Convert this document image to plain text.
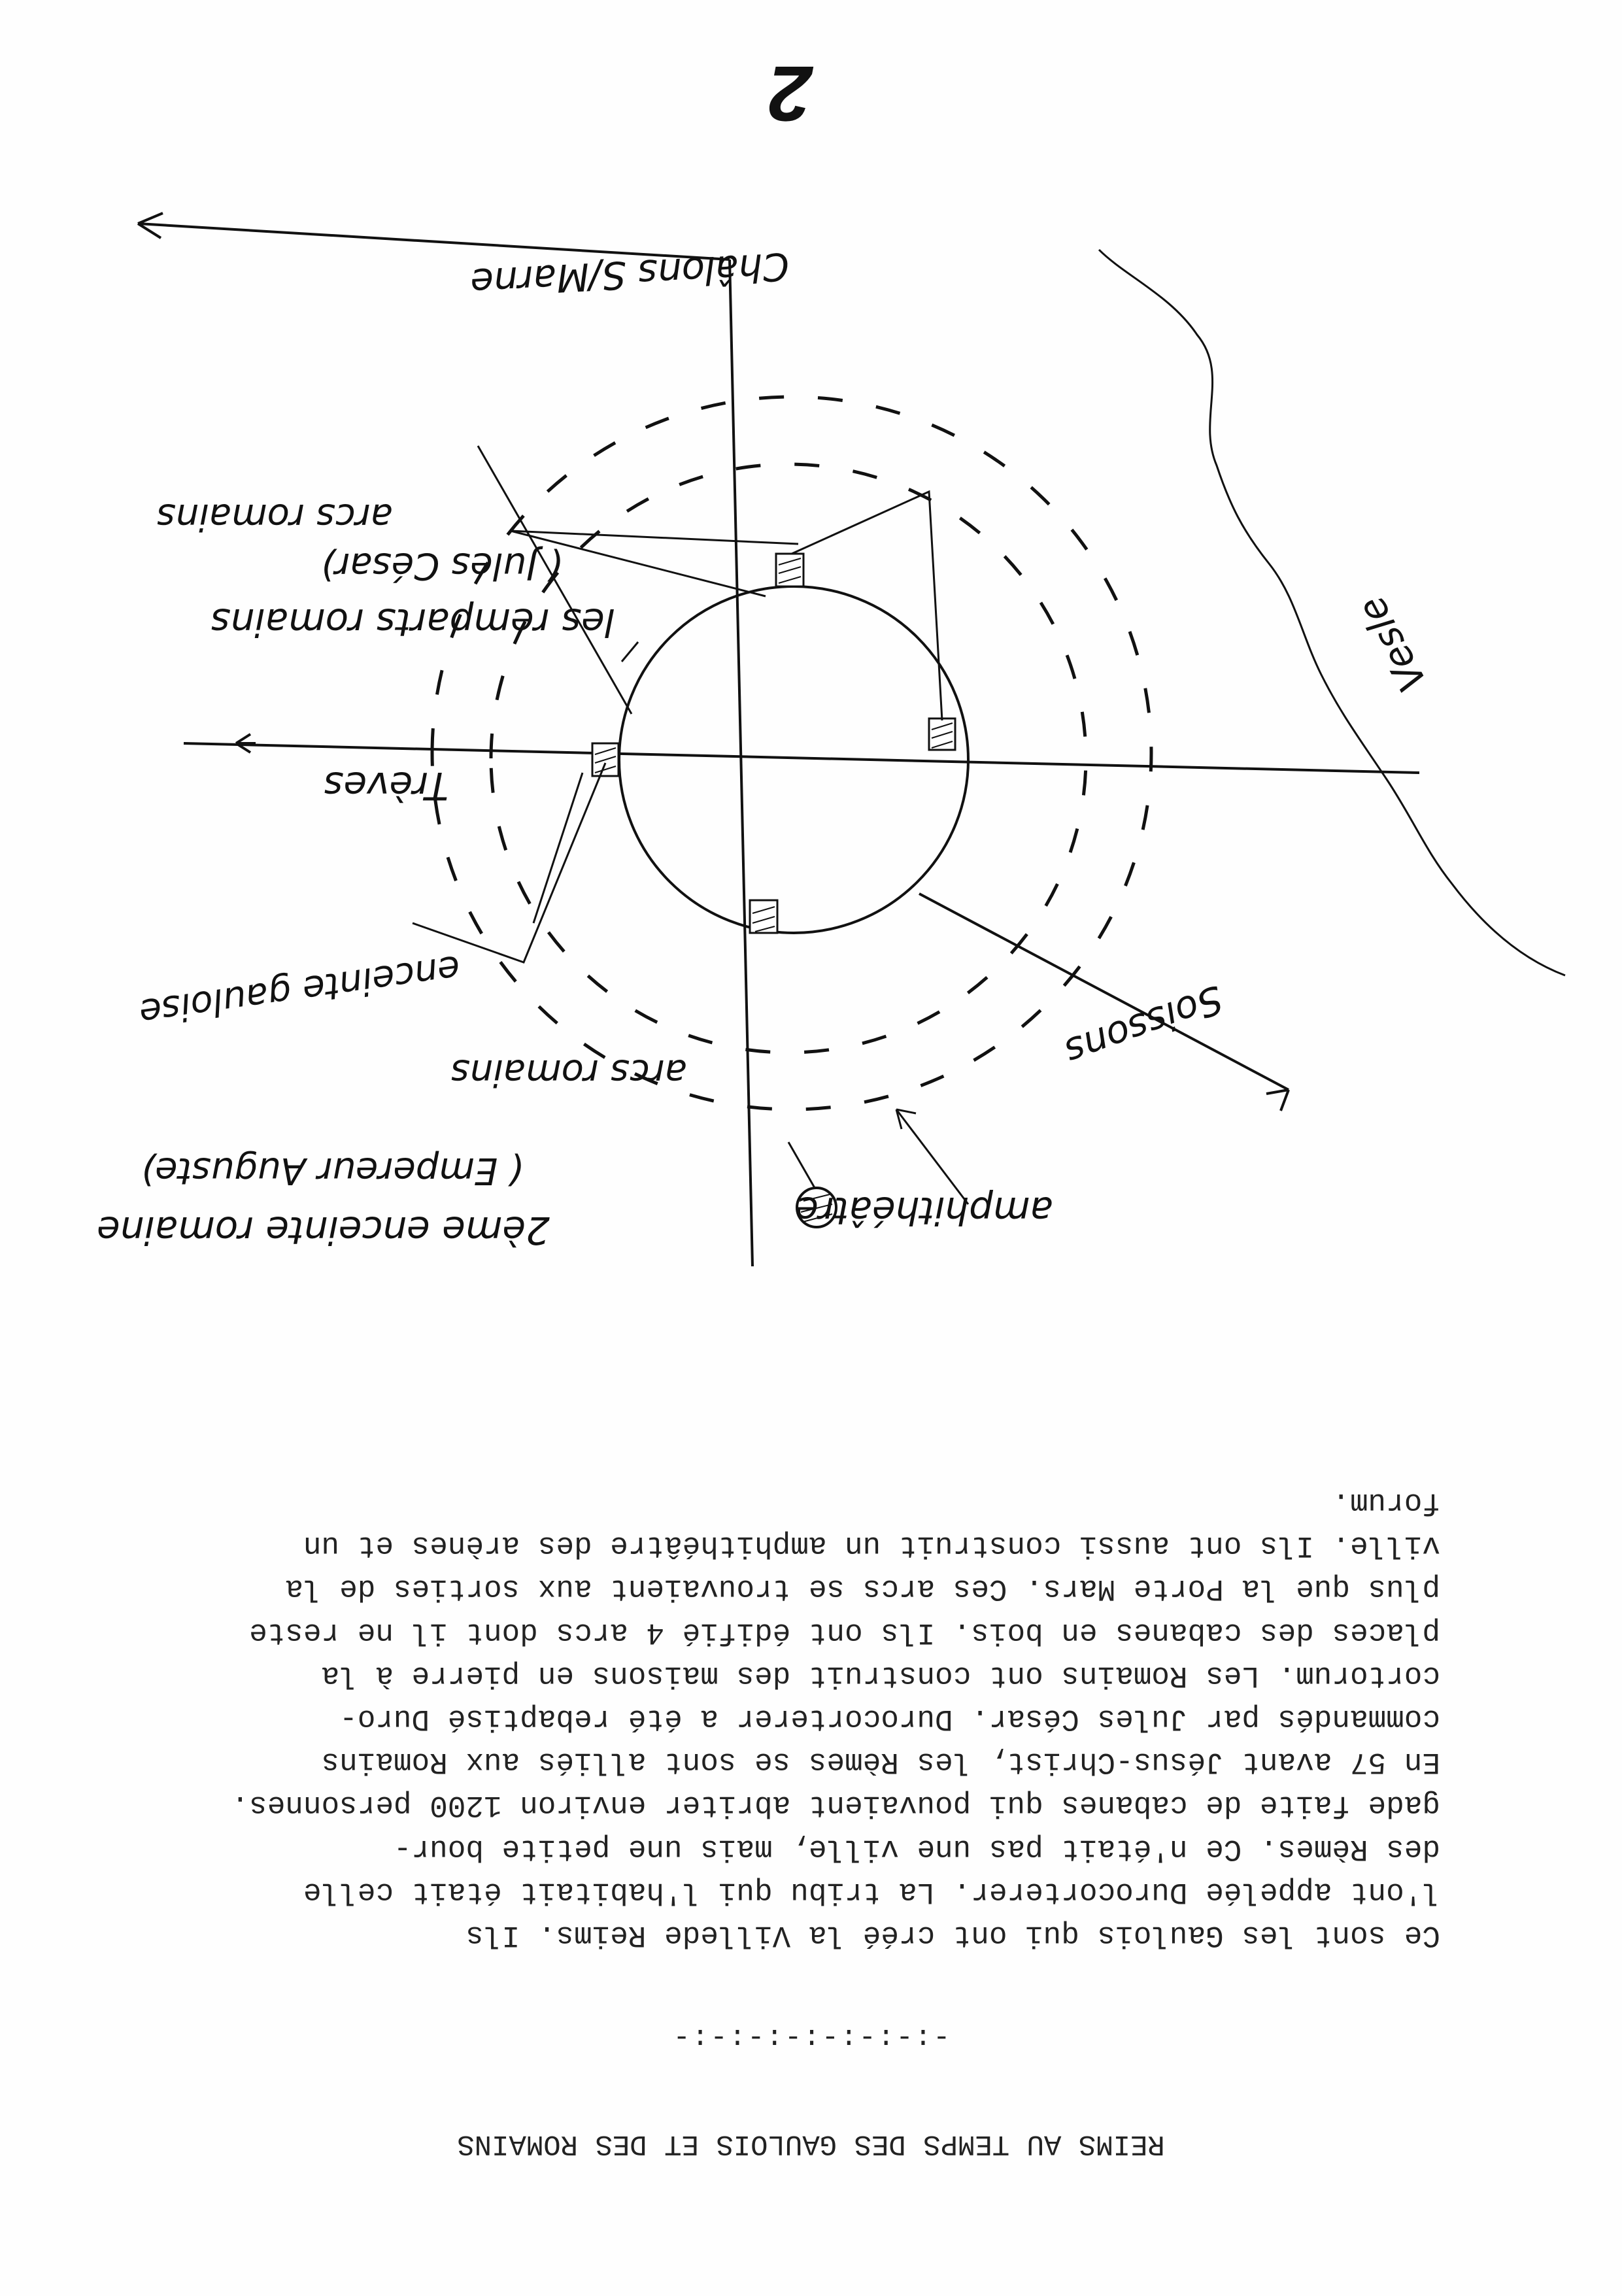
REIMS AU TEMPS DES GAULOIS ET DES ROMAINS
-:-:-:-:-:-:-:-
Ce sont les Gaulois qui ont créé la Villede Reims. Ils
l'ont appelée Durocorterer. La tribu qui l'habitait était celle
des Rèmes. Ce n'était pas une ville, mais une petite bour-
gade faite de cabanes qui pouvaient abriter environ 1200 personnes.
En 57 avant Jésus-Christ, les Rèmes se sont alliés aux Romains
commandés par Jules César. Durocorterer a été rebaptisé Duro-
cortorum. Les Romains ont construit des maisons en pierre à la
places des cabanes en bois. Ils ont édifié 4 arcs dont il ne reste
plus que la Porte Mars. Ces arcs se trouvaient aux sorties de la
ville. Ils ont aussi construit un amphithéâtre des arènes et un
forum.
2
Châlons S/Marne
Trèves
Soissons
Vesle
arcs romains
arcs romains
les remparts romains
( Jules César)
enceinte gauloise
2ème enceinte romaine
( Empereur Auguste)
amphithéâtre
